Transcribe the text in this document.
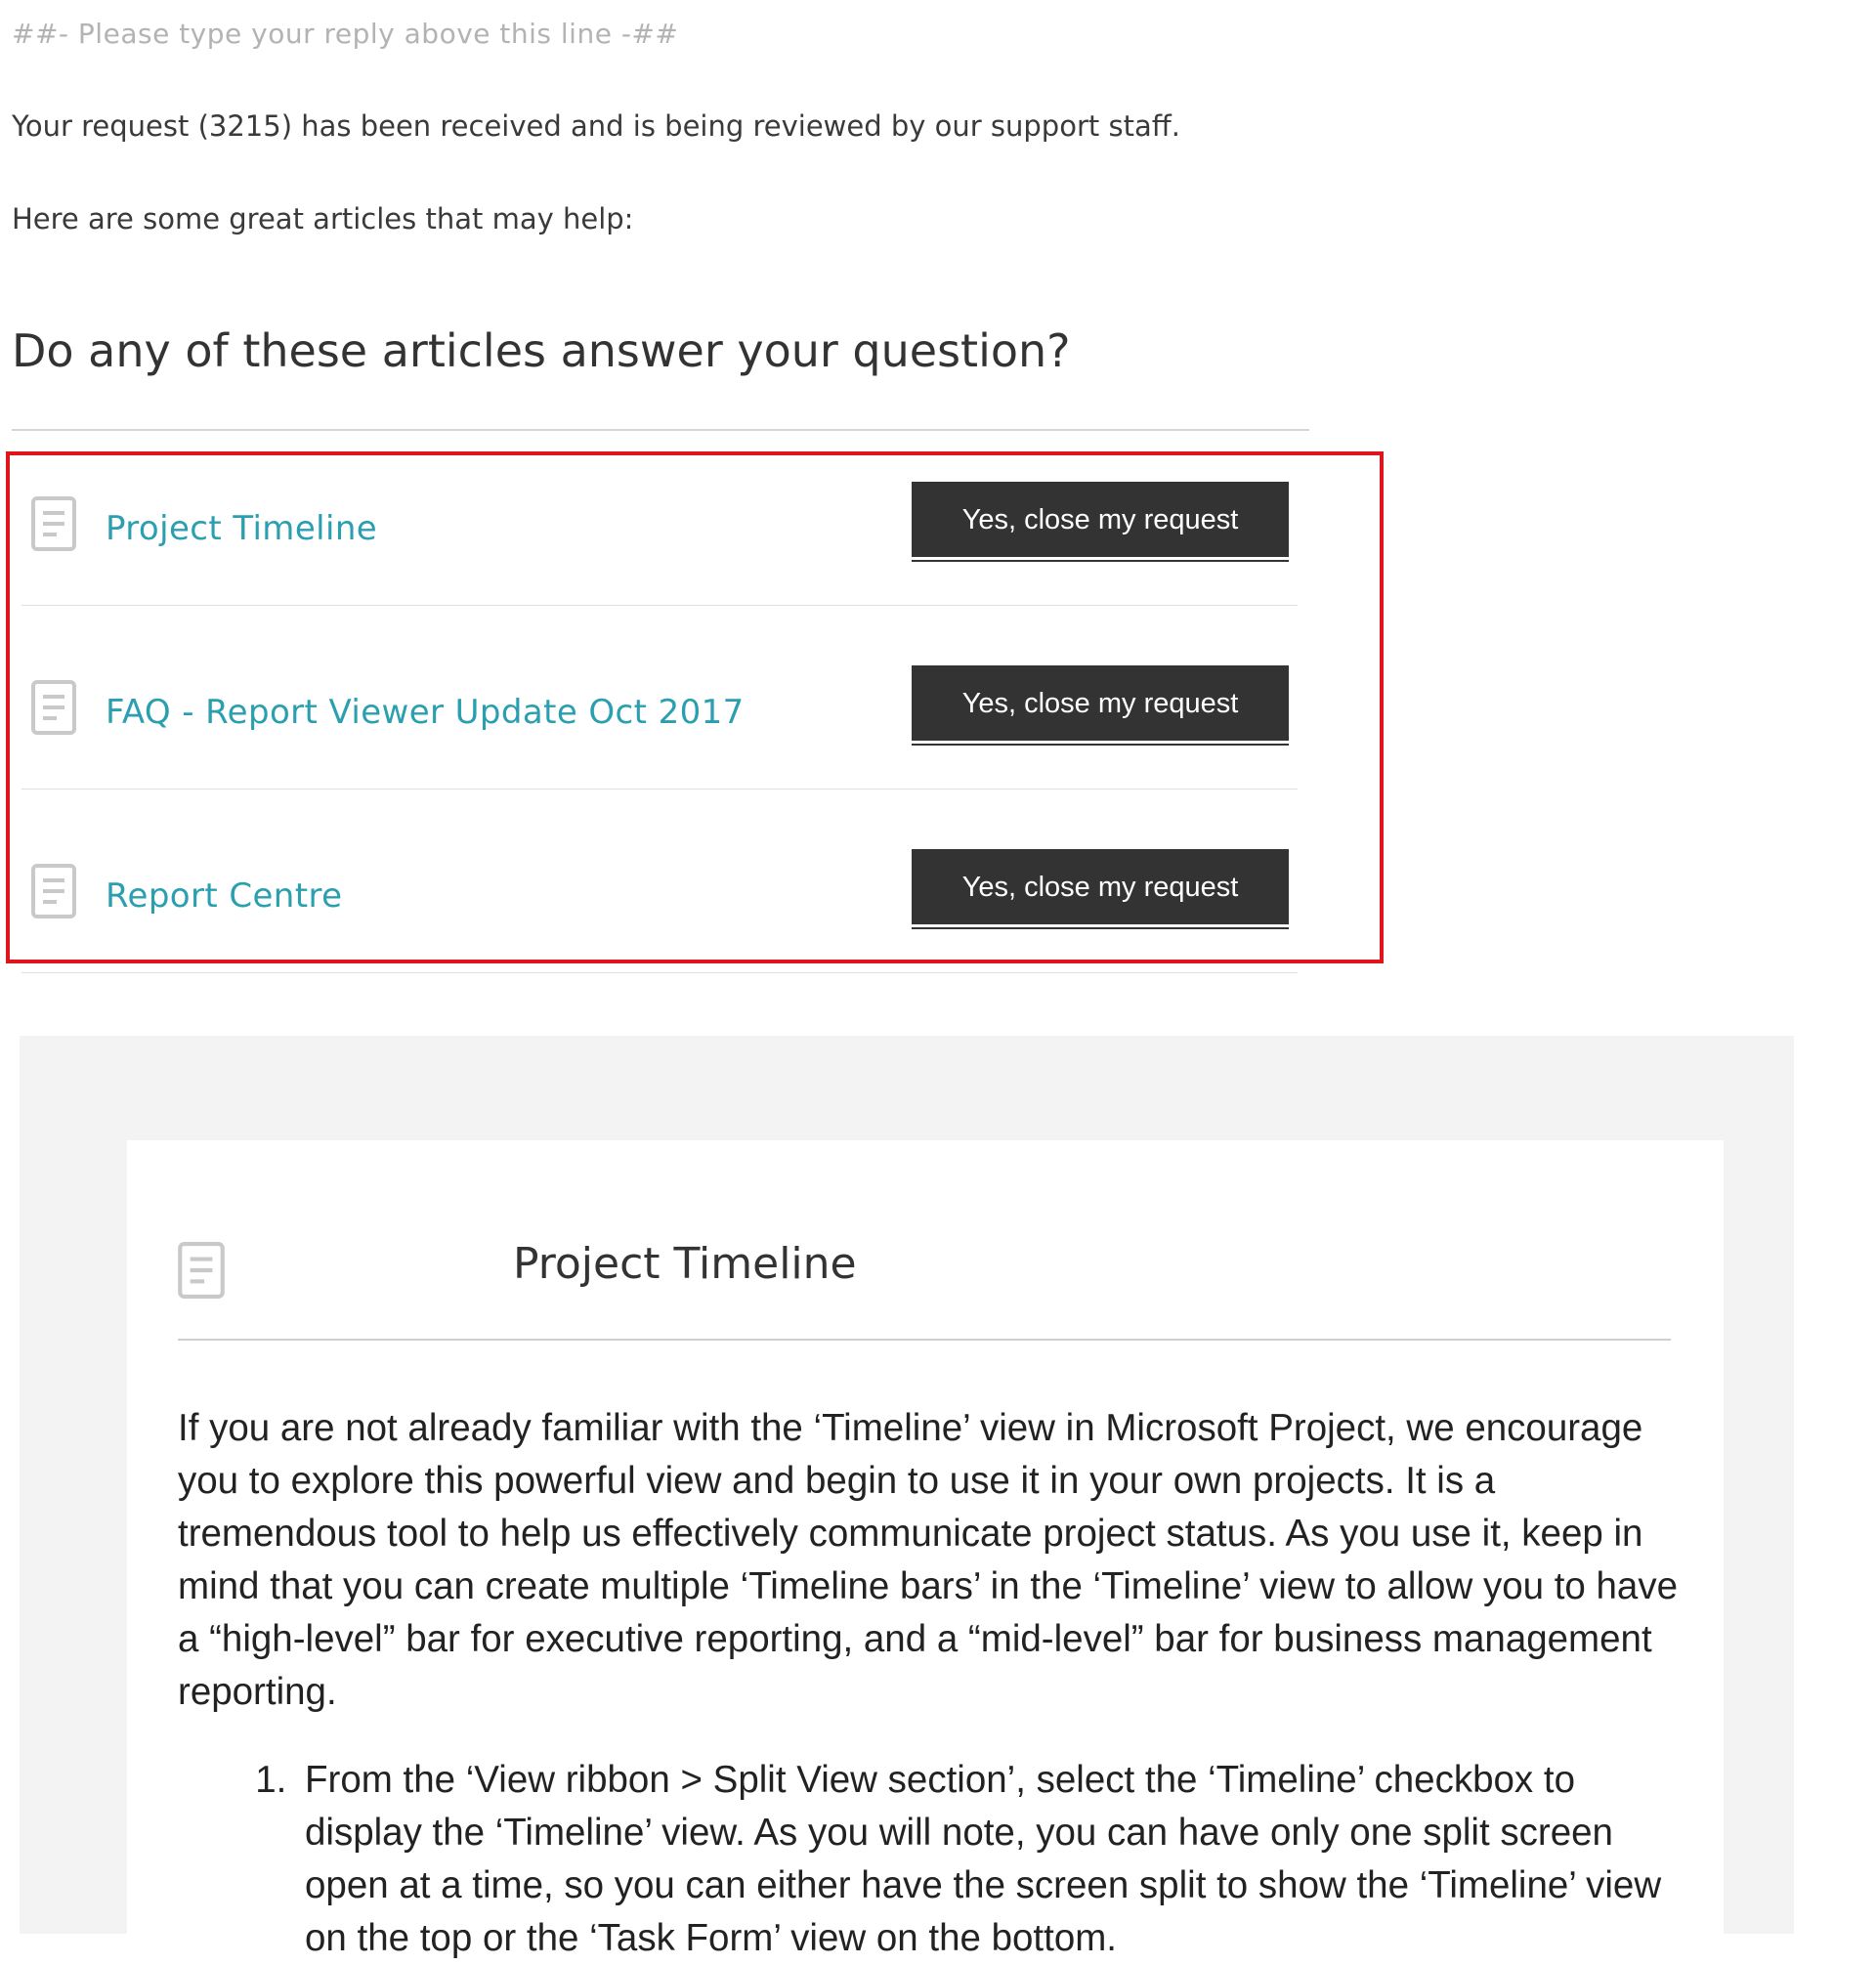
##- Please type your reply above this line -##
Your request (3215) has been received and is being reviewed by our support staff.
Here are some great articles that may help:
Do any of these articles answer your question?
Project Timeline	Yes, close my request
FAQ - Report Viewer Update Oct 2017	Yes, close my request
Report Centre	Yes, close my request
Project Timeline

If you are not already familiar with the ‘Timeline’ view in Microsoft Project, we encourage you to explore this powerful view and begin to use it in your own projects. It is a tremendous tool to help us effectively communicate project status. As you use it, keep in mind that you can create multiple ‘Timeline bars’ in the ‘Timeline’ view to allow you to have a “high-level” bar for executive reporting, and a “mid-level” bar for business management reporting.

1. From the ‘View ribbon > Split View section’, select the ‘Timeline’ checkbox to display the ‘Timeline’ view. As you will note, you can have only one split screen open at a time, so you can either have the screen split to show the ‘Timeline’ view on the top or the ‘Task Form’ view on the bottom.
